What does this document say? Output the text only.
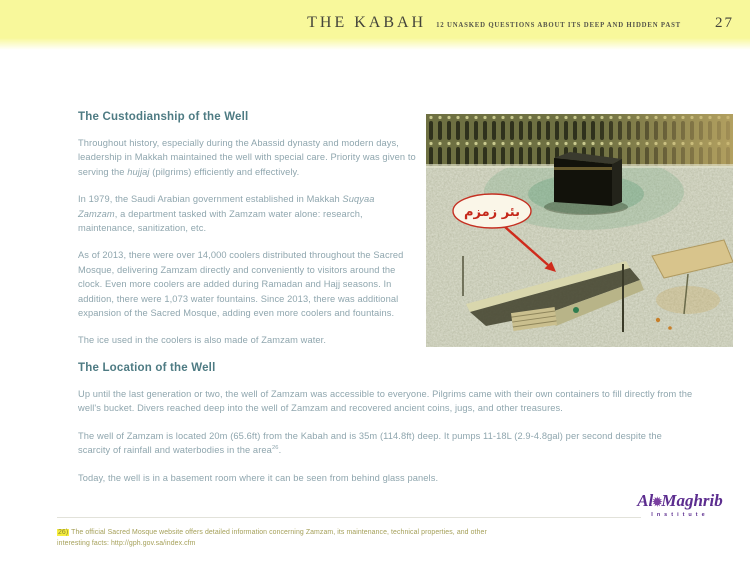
THE KABAH 12 UNASKED QUESTIONS ABOUT ITS DEEP AND HIDDEN PAST 27
The Custodianship of the Well

Throughout history, especially during the Abassid dynasty and modern days, leadership in Makkah maintained the well with special care. Priority was given to serving the hujjaj (pilgrims) efficiently and effectively.

In 1979, the Saudi Arabian government established in Makkah Suqyaa Zamzam, a department tasked with Zamzam water alone: research, maintenance, sanitization, etc.

As of 2013, there were over 14,000 coolers distributed throughout the Sacred Mosque, delivering Zamzam directly and conveniently to visitors around the clock. Even more coolers are added during Ramadan and Hajj seasons. In addition, there were 1,073 water fountains. Since 2013, there was additional expansion of the Sacred Mosque, adding even more coolers and fountains.

The ice used in the coolers is also made of Zamzam water.

بئر زمزم
The Location of the Well

Up until the last generation or two, the well of Zamzam was accessible to everyone. Pilgrims came with their own containers to fill directly from the well's bucket. Divers reached deep into the well of Zamzam and recovered ancient coins, jugs, and other treasures.

The well of Zamzam is located 20m (65.6ft) from the Kabah and is 35m (114.8ft) deep. It pumps 11-18L (2.9-4.8gal) per second despite the scarcity of rainfall and waterbodies in the area$^{26}$.

Today, the well is in a basement room where it can be seen from behind glass panels.

26) The official Sacred Mosque website offers detailed information concerning Zamzam, its maintenance, technical properties, and other interesting facts: http://gph.gov.sa/index.cfm
Al✹Maghrib
Institute
